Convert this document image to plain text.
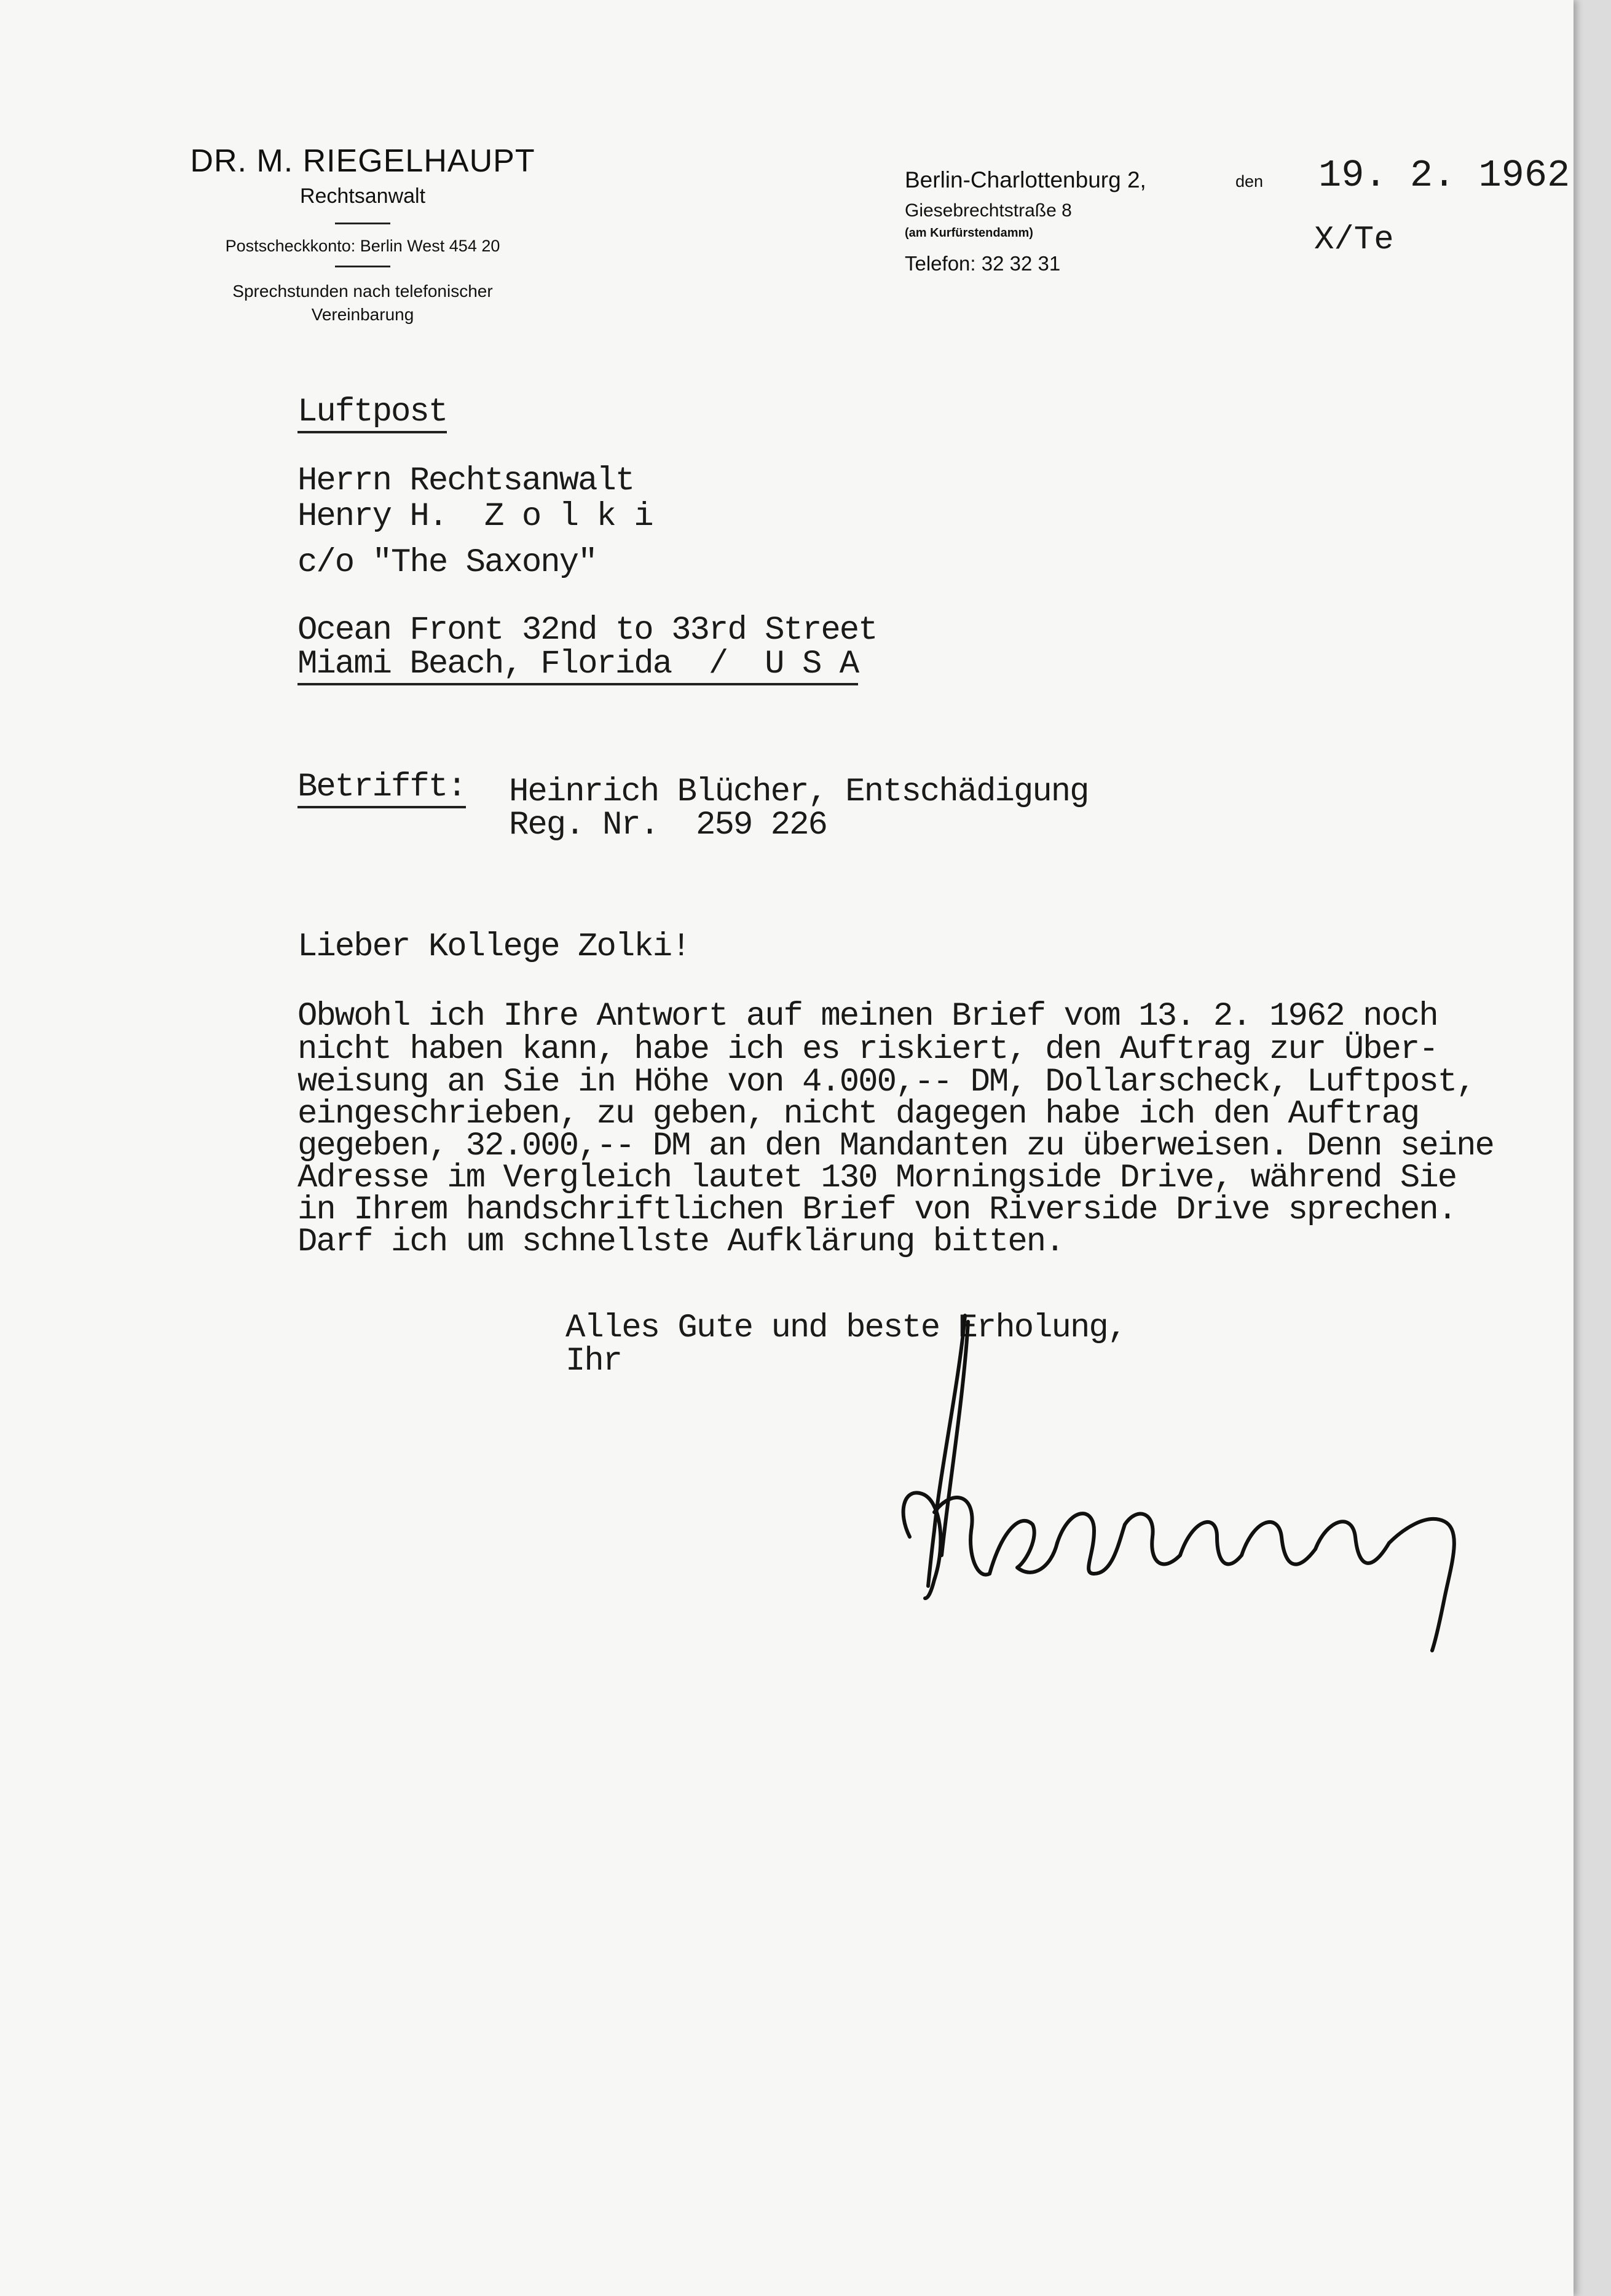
DR. M. RIEGELHAUPT
Rechtsanwalt
Postscheckkonto: Berlin West 454 20
Sprechstunden nach telefonischer
Vereinbarung
Berlin-Charlottenburg 2,	den
Giesebrechtstraße 8
(am Kurfürstendamm)
Telefon: 32 32 31
19. 2. 1962
X/Te
Luftpost
Herrn Rechtsanwalt
Henry H.  Z o l k i
c/o "The Saxony"
Ocean Front 32nd to 33rd Street
Miami Beach, Florida  /  U S A
Betrifft: Heinrich Blücher, Entschädigung
Reg. Nr.  259 226
Lieber Kollege Zolki!
Obwohl ich Ihre Antwort auf meinen Brief vom 13. 2. 1962 noch
nicht haben kann, habe ich es riskiert, den Auftrag zur Über-
weisung an Sie in Höhe von 4.000,-- DM, Dollarscheck, Luftpost,
eingeschrieben, zu geben, nicht dagegen habe ich den Auftrag
gegeben, 32.000,-- DM an den Mandanten zu überweisen. Denn seine
Adresse im Vergleich lautet 130 Morningside Drive, während Sie
in Ihrem handschriftlichen Brief von Riverside Drive sprechen.
Darf ich um schnellste Aufklärung bitten.
Alles Gute und beste Erholung,
Ihr
